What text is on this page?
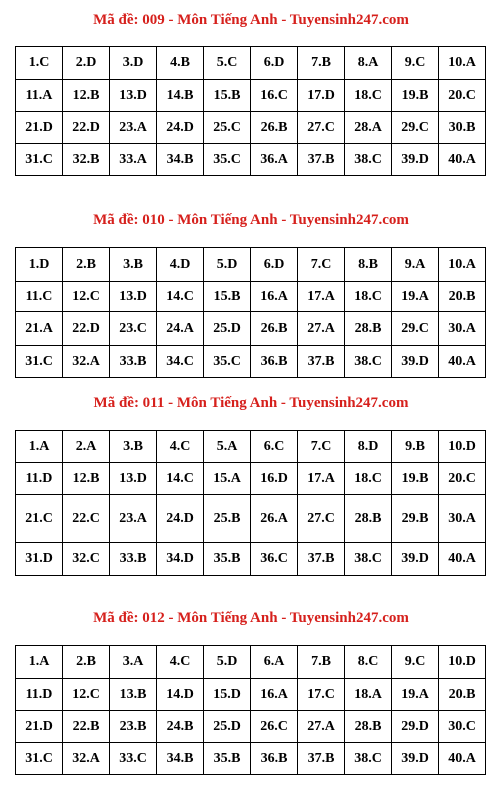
Mã đề: 009 - Môn Tiếng Anh - Tuyensinh247.com
1.C	2.D	3.D	4.B	5.C	6.D	7.B	8.A	9.C	10.A
11.A	12.B	13.D	14.B	15.B	16.C	17.D	18.C	19.B	20.C
21.D	22.D	23.A	24.D	25.C	26.B	27.C	28.A	29.C	30.B
31.C	32.B	33.A	34.B	35.C	36.A	37.B	38.C	39.D	40.A
Mã đề: 010 - Môn Tiếng Anh - Tuyensinh247.com
1.D	2.B	3.B	4.D	5.D	6.D	7.C	8.B	9.A	10.A
11.C	12.C	13.D	14.C	15.B	16.A	17.A	18.C	19.A	20.B
21.A	22.D	23.C	24.A	25.D	26.B	27.A	28.B	29.C	30.A
31.C	32.A	33.B	34.C	35.C	36.B	37.B	38.C	39.D	40.A
Mã đề: 011 - Môn Tiếng Anh - Tuyensinh247.com
1.A	2.A	3.B	4.C	5.A	6.C	7.C	8.D	9.B	10.D
11.D	12.B	13.D	14.C	15.A	16.D	17.A	18.C	19.B	20.C
21.C	22.C	23.A	24.D	25.B	26.A	27.C	28.B	29.B	30.A
31.D	32.C	33.B	34.D	35.B	36.C	37.B	38.C	39.D	40.A
Mã đề: 012 - Môn Tiếng Anh - Tuyensinh247.com
1.A	2.B	3.A	4.C	5.D	6.A	7.B	8.C	9.C	10.D
11.D	12.C	13.B	14.D	15.D	16.A	17.C	18.A	19.A	20.B
21.D	22.B	23.B	24.B	25.D	26.C	27.A	28.B	29.D	30.C
31.C	32.A	33.C	34.B	35.B	36.B	37.B	38.C	39.D	40.A
